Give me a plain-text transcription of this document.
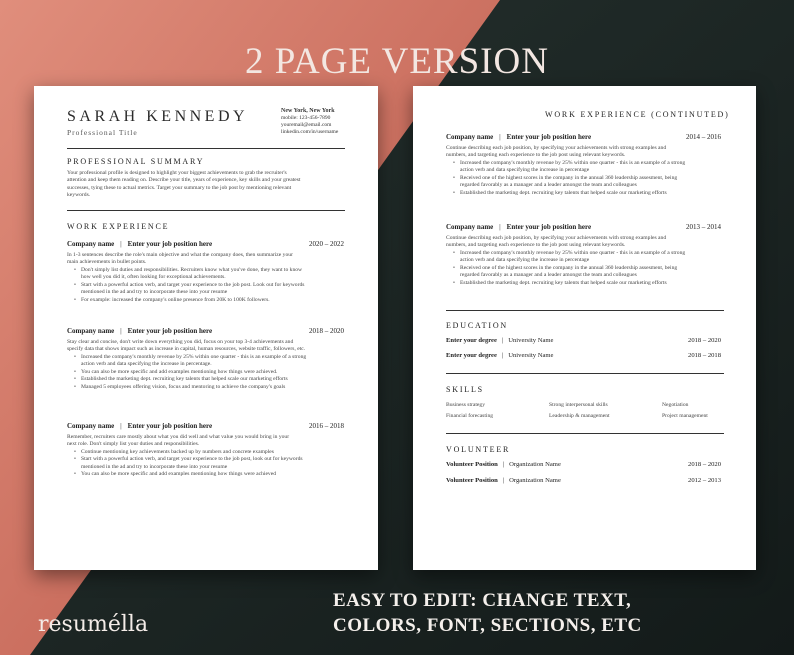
2 PAGE VERSION
SARAH KENNEDY
Professional Title
New York, New York
mobile: 123-456-7890
youremail@email.com
linkedin.com/in/username
PROFESSIONAL SUMMARY
Your professional profile is designed to highlight your biggest achievements to grab the recruiter's
attention and keep them reading on. Describe your title, years of experience, key skills and your greatest
successes, tying these to actual metrics. Target your summary to the job post by mentioning relevant
keywords.
WORK EXPERIENCE
Company name | Enter your job position here	2020 – 2022
In 1-3 sentences describe the role's main objective and what the company does, then summarize your
main achievements in bullet points.
• Don't simply list duties and responsibilities. Recruiters know what you've done, they want to know
how well you did it, often looking for exceptional achievements.
• Start with a powerful action verb, and target your experience to the job post. Look out for keywords
mentioned in the ad and try to incorporate these into your resume
• For example: increased the company's online presence from 20K to 100K followers.
Company name | Enter your job position here	2018 – 2020
Stay clear and concise, don't write down everything you did, focus on your top 3-4 achievements and
specify data that shows impact such as increase in capital, human resources, website traffic, followers, etc.
• Increased the company's monthly revenue by 25% within one quarter - this is an example of a strong
action verb and data specifying the increase in percentage.
• You can also be more specific and add examples mentioning how things were achieved.
• Established the marketing dept. recruiting key talents that helped scale our marketing efforts
• Managed 5 employees offering vision, focus and mentoring to achieve the company's goals
Company name | Enter your job position here	2016 – 2018
Remember, recruiters care mostly about what you did well and what value you would bring in your
next role. Don't simply list your duties and responsibilities.
• Continue mentioning key achievements backed up by numbers and concrete examples
• Start with a powerful action verb, and target your experience to the job post, look out for keywords
mentioned in the ad and try to incorporate these into your resume
• You can also be more specific and add examples mentioning how things were achieved
WORK EXPERIENCE (CONTINUTED)
Company name | Enter your job position here	2014 – 2016
Continue describing each job position, by specifying your achievements with strong examples and
numbers, and targeting each experience to the job post using relevant keywords.
• Increased the company's monthly revenue by 25% within one quarter - this is an example of a strong
action verb and data specifying the increase in percentage
• Received one of the highest scores in the company in the annual 360 leadership assesment, being
regarded favorably as a manager and a leader amongst the team and colleagues
• Established the marketing dept. recruiting key talents that helped scale our marketing efforts
Company name | Enter your job position here	2013 – 2014
Continue describing each job position, by specifying your achievements with strong examples and
numbers, and targeting each experience to the job post using relevant keywords.
• Increased the company's monthly revenue by 25% within one quarter - this is an example of a strong
action verb and data specifying the increase in percentage
• Received one of the highest scores in the company in the annual 360 leadership assesment, being
regarded favorably as a manager and a leader amongst the team and colleagues
• Established the marketing dept. recruiting key talents that helped scale our marketing efforts
EDUCATION
Enter your degree | University Name	2018 – 2020
Enter your degree | University Name	2018 – 2018
SKILLS
Business strategy	Strong interpersonal skills	Negotiation
Financial forecasting	Leadership & management	Project management
VOLUNTEER
Volunteer Position | Organization Name	2018 – 2020
Volunteer Position | Organization Name	2012 – 2013
resumélla
EASY TO EDIT: CHANGE TEXT,
COLORS, FONT, SECTIONS, ETC
